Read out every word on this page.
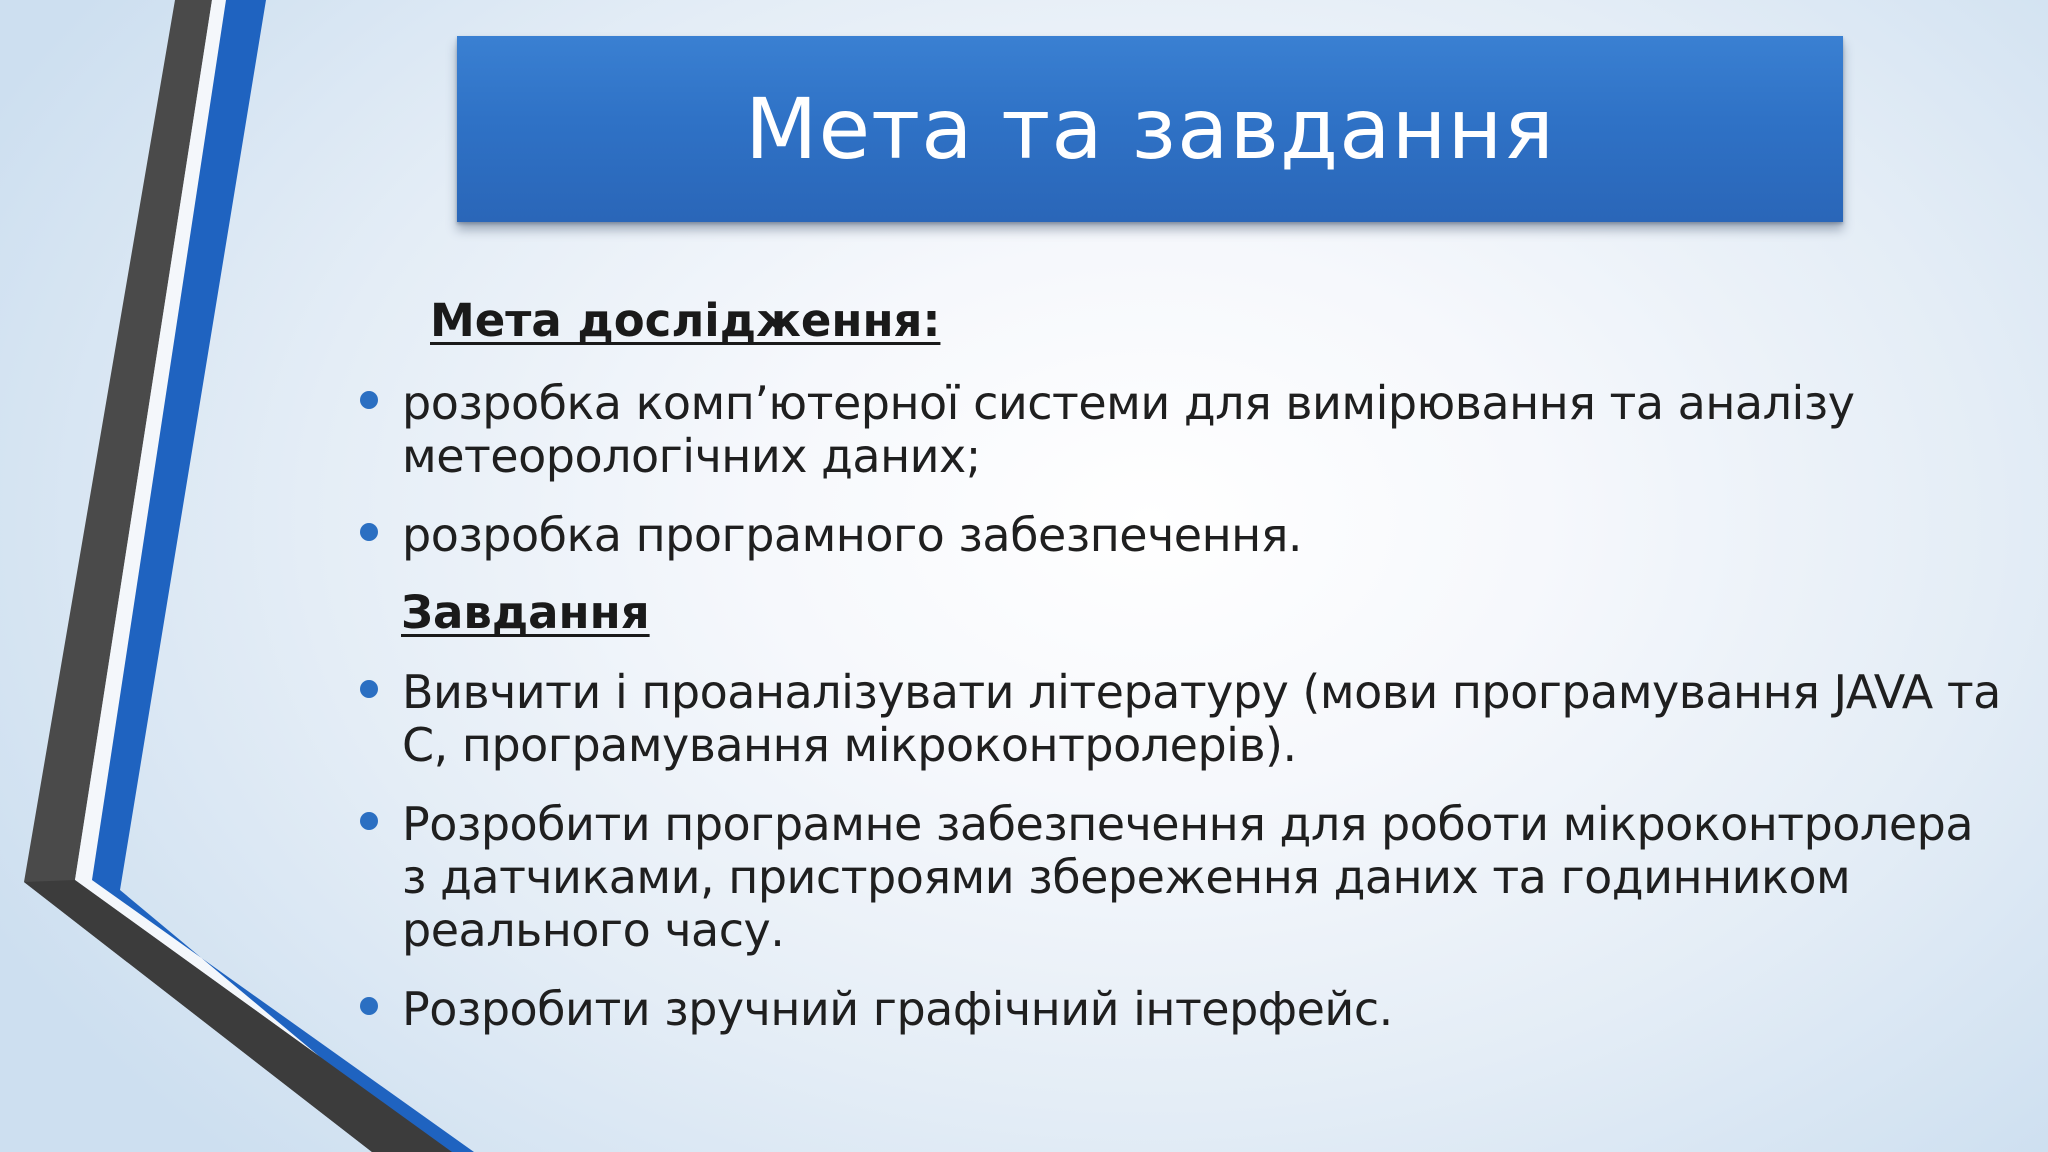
Мета та завдання
Мета дослідження:
розробка комп’ютерної системи для вимірювання та аналізу
метеорологічних даних;
розробка програмного забезпечення.
Завдання
Вивчити і проаналізувати літературу (мови програмування JAVA та
С, програмування мікроконтролерів).
Розробити програмне забезпечення для роботи мікроконтролера
з датчиками, пристроями збереження даних та годинником
реального часу.
Розробити зручний графічний інтерфейс.
